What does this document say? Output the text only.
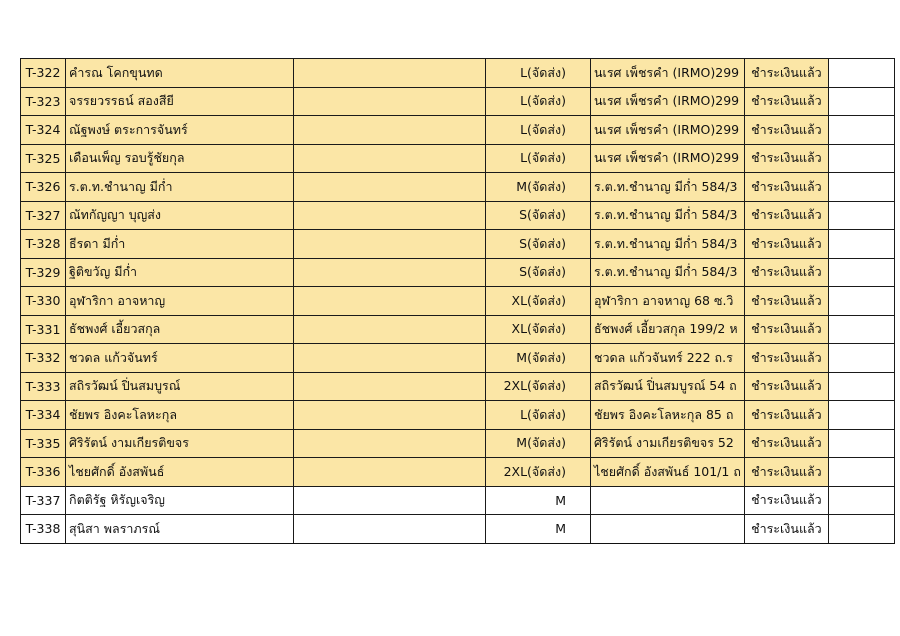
T-322	คำรณ โคกขุนทด		L(จัดส่ง)	นเรศ เพ็ชรคำ (IRMO)299	ชำระเงินแล้ว	
T-323	จรรยวรรธน์ สองสียี		L(จัดส่ง)	นเรศ เพ็ชรคำ (IRMO)299	ชำระเงินแล้ว	
T-324	ณัฐพงษ์ ตระการจันทร์		L(จัดส่ง)	นเรศ เพ็ชรคำ (IRMO)299	ชำระเงินแล้ว	
T-325	เดือนเพ็ญ รอบรู้ชัยกุล		L(จัดส่ง)	นเรศ เพ็ชรคำ (IRMO)299	ชำระเงินแล้ว	
T-326	ร.ต.ท.ชำนาญ มีก่ำ		M(จัดส่ง)	ร.ต.ท.ชำนาญ มีก่ำ 584/3	ชำระเงินแล้ว	
T-327	ณัทกัญญา บุญส่ง		S(จัดส่ง)	ร.ต.ท.ชำนาญ มีก่ำ 584/3	ชำระเงินแล้ว	
T-328	ธีรดา มีก่ำ		S(จัดส่ง)	ร.ต.ท.ชำนาญ มีก่ำ 584/3	ชำระเงินแล้ว	
T-329	ฐิติขวัญ มีก่ำ		S(จัดส่ง)	ร.ต.ท.ชำนาญ มีก่ำ 584/3	ชำระเงินแล้ว	
T-330	อุฬาริกา อาจหาญ		XL(จัดส่ง)	อุฬาริกา อาจหาญ 68 ซ.วิ	ชำระเงินแล้ว	
T-331	ธัชพงศ์ เอี้ยวสกุล		XL(จัดส่ง)	ธัชพงศ์ เอี้ยวสกุล 199/2 ห	ชำระเงินแล้ว	
T-332	ชวดล แก้วจันทร์		M(จัดส่ง)	ชวดล แก้วจันทร์ 222 ถ.ร	ชำระเงินแล้ว	
T-333	สถิรวัฒน์ ปิ่นสมบูรณ์		2XL(จัดส่ง)	สถิรวัฒน์ ปิ่นสมบูรณ์ 54 ถ	ชำระเงินแล้ว	
T-334	ชัยพร อิงคะโลหะกุล		L(จัดส่ง)	ชัยพร อิงคะโลหะกุล 85 ถ	ชำระเงินแล้ว	
T-335	ศิริรัตน์ งามเกียรติขจร		M(จัดส่ง)	ศิริรัตน์ งามเกียรติขจร 52	ชำระเงินแล้ว	
T-336	ไชยศักดิ์ อังสพันธ์		2XL(จัดส่ง)	ไชยศักดิ์ อังสพันธ์ 101/1 ถ	ชำระเงินแล้ว	
T-337	กิตติรัฐ หิรัญเจริญ		M		ชำระเงินแล้ว	
T-338	สุนิสา พลราภรณ์		M		ชำระเงินแล้ว	
